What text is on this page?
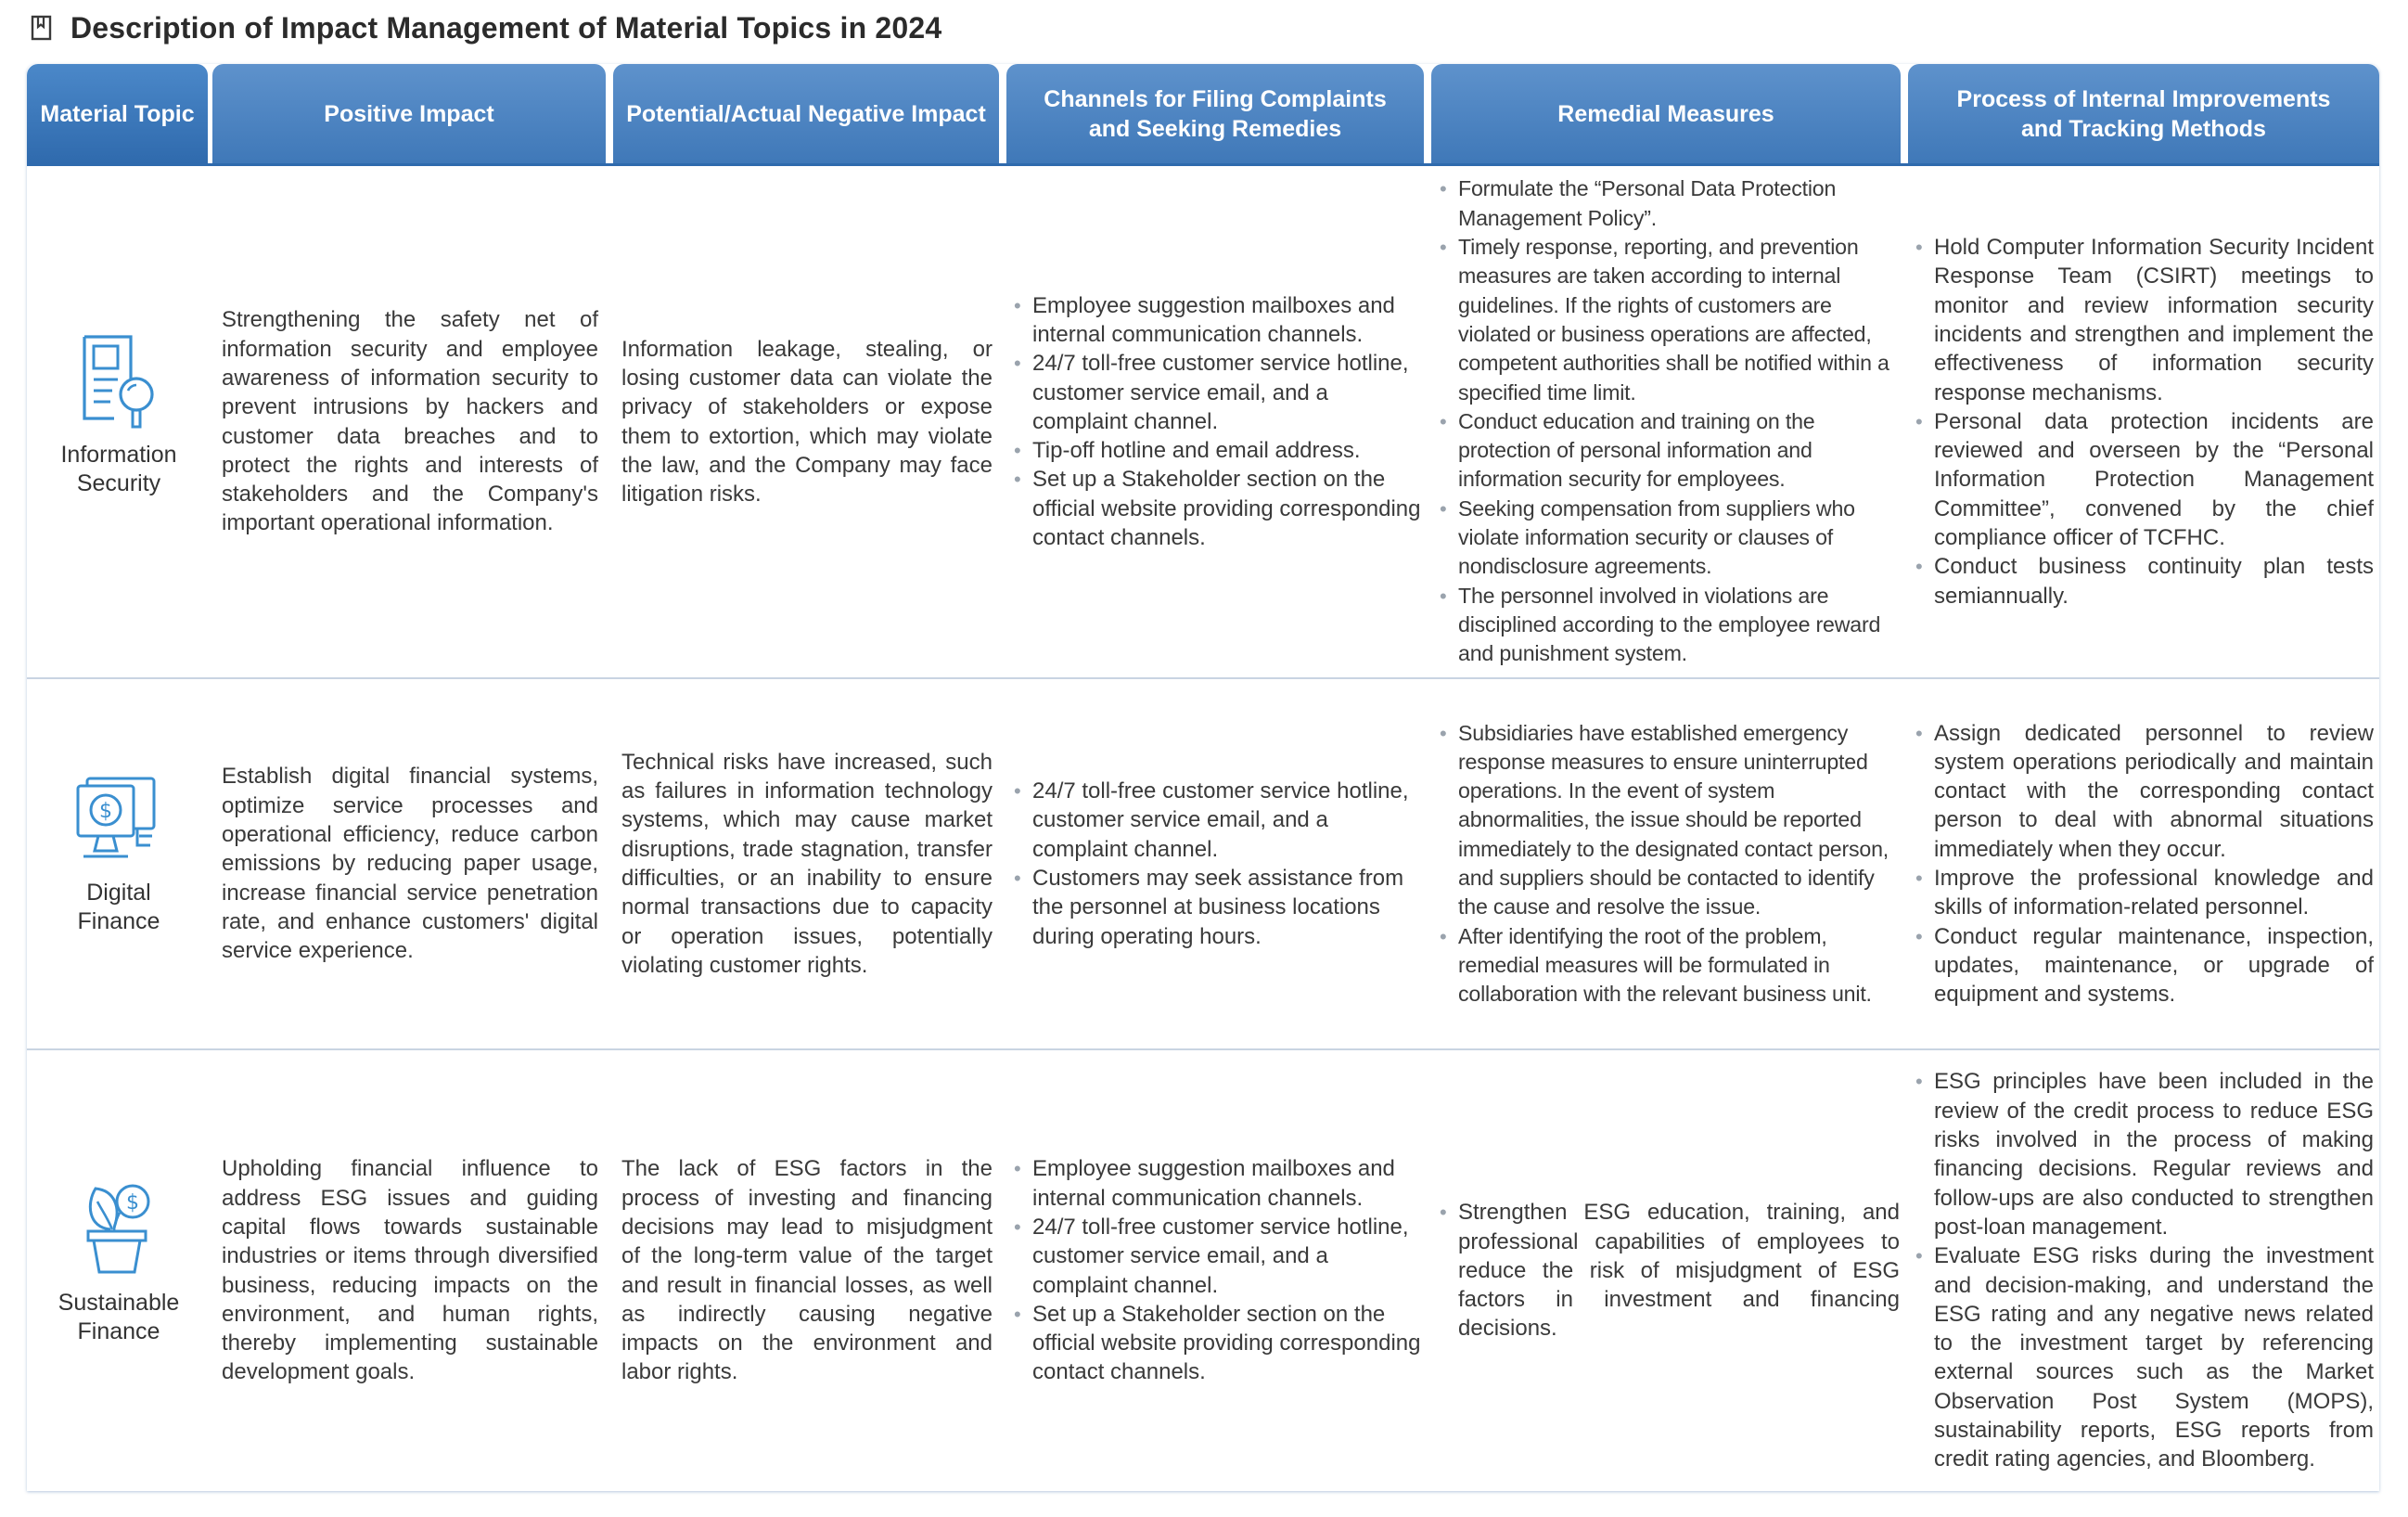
Description of Impact Management of Material Topics in 2024
Material Topic	Positive Impact	Potential/Actual Negative Impact
Channels for Filing Complaints and Seeking Remedies
Remedial Measures
Process of Internal Improvements and Tracking Methods
Information Security
Strengthening the safety net of information security and employee awareness of information security to prevent intrusions by hackers and customer data breaches and to protect the rights and interests of stakeholders and the Company's important operational information.
Information leakage, stealing, or losing customer data can violate the privacy of stakeholders or expose them to extortion, which may violate the law, and the Company may face litigation risks.
• Employee suggestion mailboxes and internal communication channels.
• 24/7 toll-free customer service hotline, customer service email, and a complaint channel.
• Tip-off hotline and email address.
• Set up a Stakeholder section on the official website providing corresponding contact channels.
• Formulate the “Personal Data Protection Management Policy”.
• Timely response, reporting, and prevention measures are taken according to internal guidelines. If the rights of customers are violated or business operations are affected, competent authorities shall be notified within a specified time limit.
• Conduct education and training on the protection of personal information and information security for employees.
• Seeking compensation from suppliers who violate information security or clauses of nondisclosure agreements.
• The personnel involved in violations are disciplined according to the employee reward and punishment system.
• Hold Computer Information Security Incident Response Team (CSIRT) meetings to monitor and review information security incidents and strengthen and implement the effectiveness of information security response mechanisms.
• Personal data protection incidents are reviewed and overseen by the “Personal Information Protection Management Committee”, convened by the chief compliance officer of TCFHC.
• Conduct business continuity plan tests semiannually.
$
Digital Finance
Establish digital financial systems, optimize service processes and operational efficiency, reduce carbon emissions by reducing paper usage, increase financial service penetration rate, and enhance customers' digital service experience.
Technical risks have increased, such as failures in information technology systems, which may cause market disruptions, trade stagnation, transfer difficulties, or an inability to ensure normal transactions due to capacity or operation issues, potentially violating customer rights.
• 24/7 toll-free customer service hotline, customer service email, and a complaint channel.
• Customers may seek assistance from the personnel at business locations during operating hours.
• Subsidiaries have established emergency response measures to ensure uninterrupted operations. In the event of system abnormalities, the issue should be reported immediately to the designated contact person, and suppliers should be contacted to identify the cause and resolve the issue.
• After identifying the root of the problem, remedial measures will be formulated in collaboration with the relevant business unit.
• Assign dedicated personnel to review system operations periodically and maintain contact with the corresponding contact person to deal with abnormal situations immediately when they occur.
• Improve the professional knowledge and skills of information-related personnel.
• Conduct regular maintenance, inspection, updates, maintenance, or upgrade of equipment and systems.
$
Sustainable Finance
Upholding financial influence to address ESG issues and guiding capital flows towards sustainable industries or items through diversified business, reducing impacts on the environment, and human rights, thereby implementing sustainable development goals.
The lack of ESG factors in the process of investing and financing decisions may lead to misjudgment of the long-term value of the target and result in financial losses, as well as indirectly causing negative impacts on the environment and labor rights.
• Employee suggestion mailboxes and internal communication channels.
• 24/7 toll-free customer service hotline, customer service email, and a complaint channel.
• Set up a Stakeholder section on the official website providing corresponding contact channels.
• Strengthen ESG education, training, and professional capabilities of employees to reduce the risk of misjudgment of ESG factors in investment and financing decisions.
• ESG principles have been included in the review of the credit process to reduce ESG risks involved in the process of making financing decisions. Regular reviews and follow-ups are also conducted to strengthen post-loan management.
• Evaluate ESG risks during the investment and decision-making, and understand the ESG rating and any negative news related to the investment target by referencing external sources such as the Market Observation Post System (MOPS), sustainability reports, ESG reports from credit rating agencies, and Bloomberg.
